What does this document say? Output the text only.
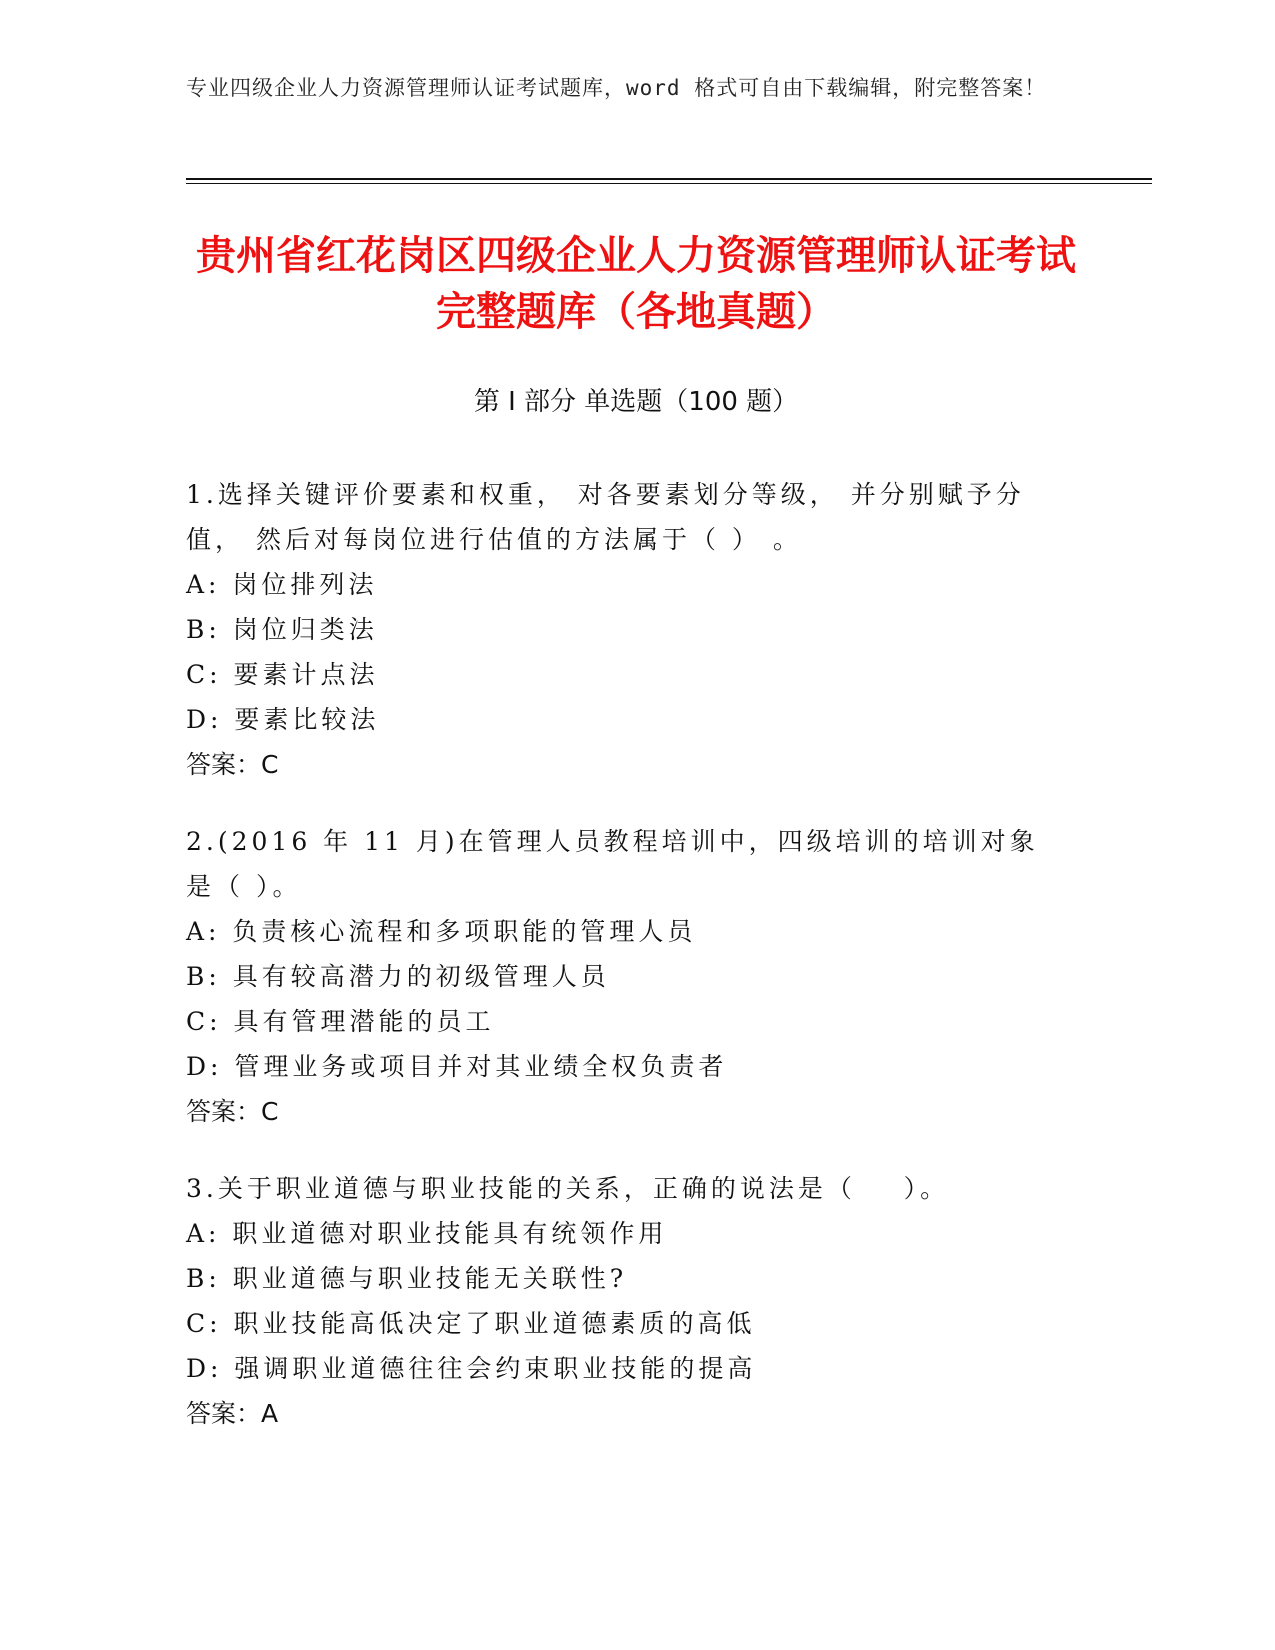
专业四级企业人力资源管理师认证考试题库，word 格式可自由下载编辑，附完整答案！
贵州省红花岗区四级企业人力资源管理师认证考试完整题库（各地真题）
第 I 部分 单选题（100 题）
1.选择关键评价要素和权重， 对各要素划分等级， 并分别赋予分值， 然后对每岗位进行估值的方法属于（ ） 。
A: 岗位排列法
B: 岗位归类法
C: 要素计点法
D: 要素比较法
答案：C
2.(2016 年 11 月)在管理人员教程培训中，四级培训的培训对象是（ ）。
A: 负责核心流程和多项职能的管理人员
B: 具有较高潜力的初级管理人员
C: 具有管理潜能的员工
D: 管理业务或项目并对其业绩全权负责者
答案：C
3.关于职业道德与职业技能的关系，正确的说法是（    ）。
A: 职业道德对职业技能具有统领作用
B: 职业道德与职业技能无关联性?
C: 职业技能高低决定了职业道德素质的高低
D: 强调职业道德往往会约束职业技能的提高
答案：A
